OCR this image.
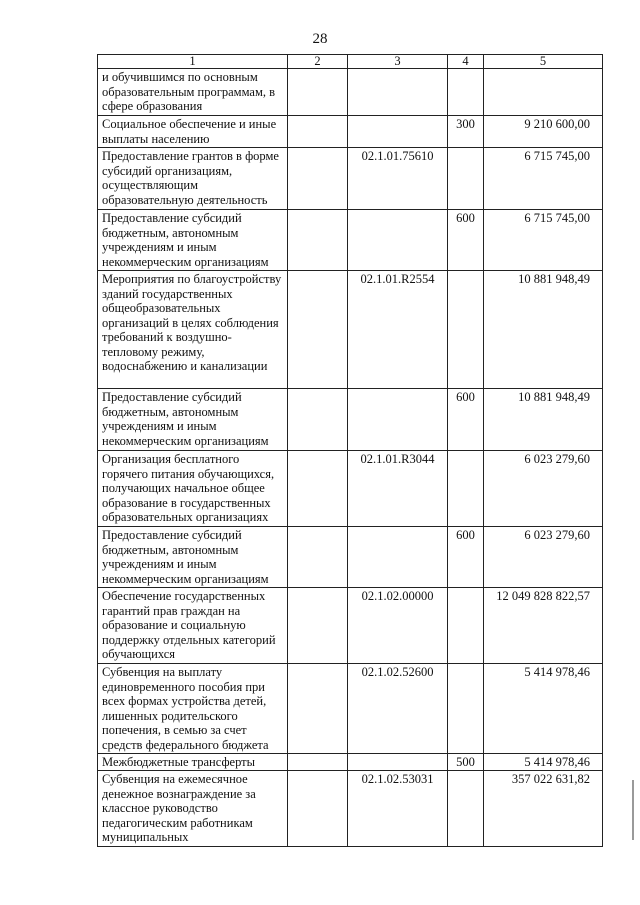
28
1	2	3	4	5
и обучившимся по основным образовательным программам, в сфере образования				
Социальное обеспечение и иные выплаты населению			300	9 210 600,00
Предоставление грантов в форме субсидий организациям, осуществляющим образовательную деятельность		02.1.01.75610		6 715 745,00
Предоставление субсидий бюджетным, автономным учреждениям и иным некоммерческим организациям			600	6 715 745,00
Мероприятия по благоустройству зданий государственных общеобразовательных организаций в целях соблюдения требований к воздушно-тепловому режиму, водоснабжению и канализации		02.1.01.R2554		10 881 948,49
Предоставление субсидий бюджетным, автономным учреждениям и иным некоммерческим организациям			600	10 881 948,49
Организация бесплатного горячего питания обучающихся, получающих начальное общее образование в государственных образовательных организациях		02.1.01.R3044		6 023 279,60
Предоставление субсидий бюджетным, автономным учреждениям и иным некоммерческим организациям			600	6 023 279,60
Обеспечение государственных гарантий прав граждан на образование и социальную поддержку отдельных категорий обучающихся		02.1.02.00000		12 049 828 822,57
Субвенция на выплату единовременного пособия при всех формах устройства детей, лишенных родительского попечения, в семью за счет средств федерального бюджета		02.1.02.52600		5 414 978,46
Межбюджетные трансферты			500	5 414 978,46
Субвенция на ежемесячное денежное вознаграждение за классное руководство педагогическим работникам муниципальных		02.1.02.53031		357 022 631,82
